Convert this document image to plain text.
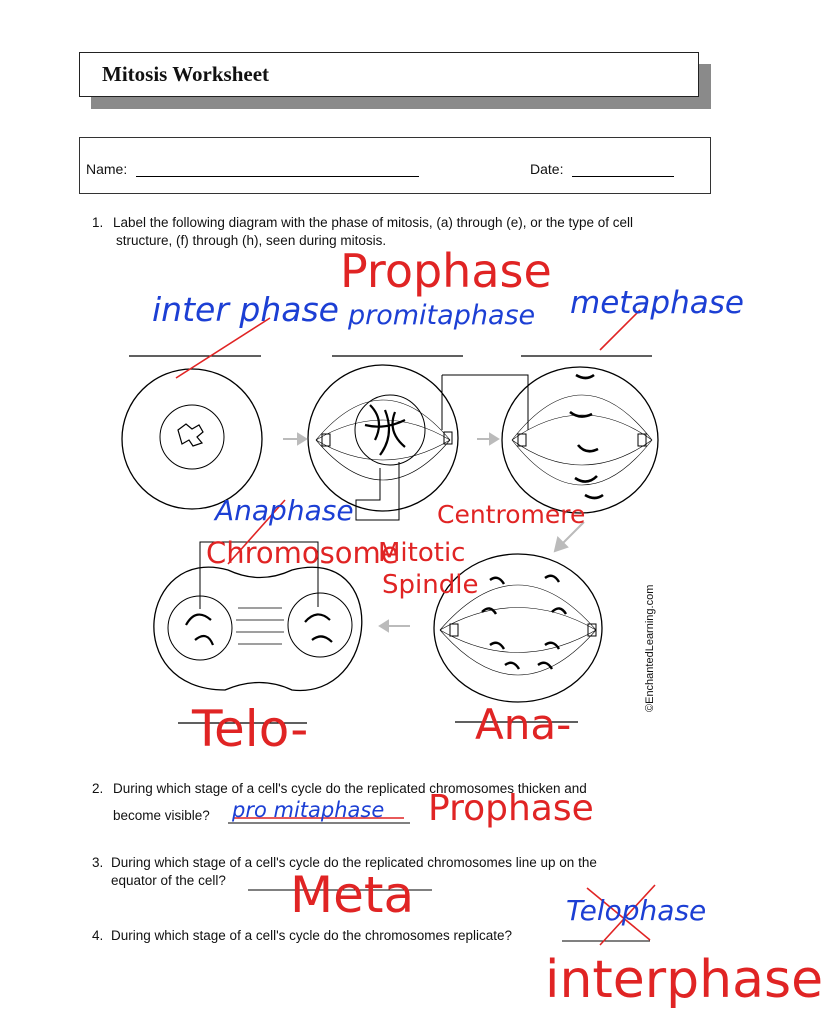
Mitosis Worksheet
Name:	Date:
1. Label the following diagram with the phase of mitosis, (a) through (e), or the type of cell
structure, (f) through (h), seen during mitosis.
inter phase promitaphase metaphase
Anaphase
pro mitaphase
Telophase
Prophase
Centromere
Chromosome
Mitotic
Spindle
Telo-	Ana-
Prophase
Meta
interphase
©EnchantedLearning.com
2. During which stage of a cell's cycle do the replicated chromosomes thicken and
become visible?
3. During which stage of a cell's cycle do the replicated chromosomes line up on the
equator of the cell?
4. During which stage of a cell's cycle do the chromosomes replicate?
